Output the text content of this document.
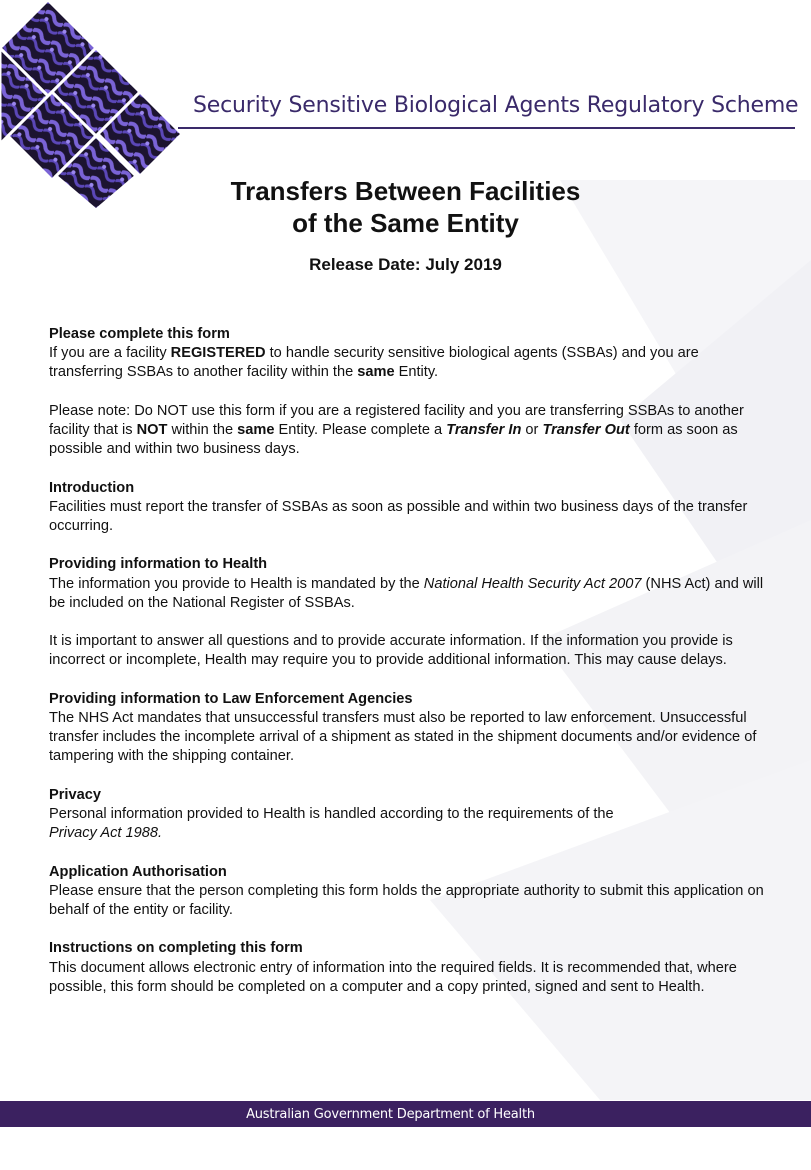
Security Sensitive Biological Agents Regulatory Scheme
Transfers Between Facilities
of the Same Entity
Release Date: July 2019
Please complete this form

If you are a facility REGISTERED to handle security sensitive biological agents (SSBAs) and you are transferring SSBAs to another facility within the same Entity.

Please note: Do NOT use this form if you are a registered facility and you are transferring SSBAs to another facility that is NOT within the same Entity. Please complete a Transfer In or Transfer Out form as soon as possible and within two business days.

Introduction

Facilities must report the transfer of SSBAs as soon as possible and within two business days of the transfer occurring.

Providing information to Health

The information you provide to Health is mandated by the National Health Security Act 2007 (NHS Act) and will be included on the National Register of SSBAs.

It is important to answer all questions and to provide accurate information. If the information you provide is incorrect or incomplete, Health may require you to provide additional information. This may cause delays.

Providing information to Law Enforcement Agencies

The NHS Act mandates that unsuccessful transfers must also be reported to law enforcement. Unsuccessful transfer includes the incomplete arrival of a shipment as stated in the shipment documents and/or evidence of tampering with the shipping container.

Privacy

Personal information provided to Health is handled according to the requirements of the
Privacy Act 1988.

Application Authorisation

Please ensure that the person completing this form holds the appropriate authority to submit this application on behalf of the entity or facility.

Instructions on completing this form

This document allows electronic entry of information into the required fields. It is recommended that, where possible, this form should be completed on a computer and a copy printed, signed and sent to Health.

Australian Government Department of Health
